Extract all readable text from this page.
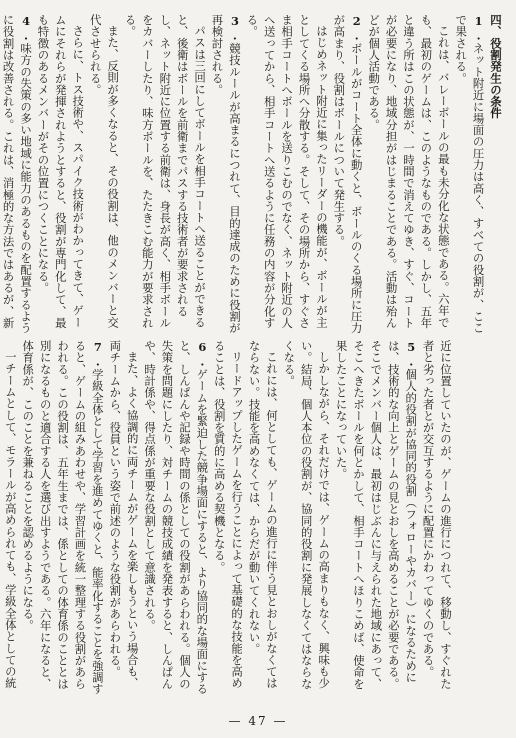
四、役割発生の条件

1.ネット附近に場面の圧力は高く、すべての役割が、ここで果される。

これは、バレーボールの最も未分化な状態である。六年でも、最初のゲームは、このようなものである。しかし、五年と違う所はこの状態が、一時間で消えてゆき、すぐ、コートが必要になり、地域分担がはじまることである。活動は殆んどが個人活動である。

2.ボールがコート全体に動くと、ボールのくる場所に圧力が高まり、役割はボールについて発生する。

はじめネット附近に集ったリーダーの機能が、ボールが主としてくる場所へ分散する。そして、その場所から、すぐさま相手コートへボールを送りこむのでなく、ネット附近の人へ送ってから、相手コートへ送るように任務の内容が分化する。

3.競技ルールが高まるにつれて、目的達成のために役割が再検討される。

パスは三回にしてボールを相手コートへ送ることができると、後衛はボールを前衛までパスする技術者が要求されるし、ネット附近に位置する前衛は、身長が高く、相手ボールをカバーしたり、味方ボールを、たたきこむ能力が要求される。

また、反則が多くなると、その役割は、他のメンバーと交代させられる。

さらに、トス技術や、スパイク技術がわかってきて、ゲームにそれらが発揮されようとすると、役割が専門化して、最も特徴のあるメンバーがその位置につくことになる。

4.味方の失策の多い地域に能力のあるものを配置するように役割は改善される。これは、消極的な方法ではあるが、新

近に位置していたのが、ゲームの進行につれて、移動し、すぐれた者と劣った者とが交互するように配置にかわってゆくのである。

5.個人的役割が協同的役割（フォローやカバー）になるためには、技術的な向上とゲームの見とおしを高めることが必要である。そこでメンバー個人は、最初はじぶんに与えられた地域にあって、そこへきたボールを何とかして、相手コートへほりこめば、使命を果したことになっていた。

しかしながら、それだけでは、ゲームの高まりもなく、興味も少い。結局、個人本位の役割が、協同的役割に発展しなくてはならなくなる。

これには、何としても、ゲームの進行に伴う見とおしがなくてはならない。技能を高めなくては、からだが動いてくれない。

リードアップしたゲームを行うことによって基礎的な技能を高めることは、役割を質的に高める契機となる。

6.ゲームを緊迫した競争場面にすると、より協同的な場面にすると、しんぱんや記録や時間の係としての役割があらわれる。個人の失策を問題にしたり、対チームの競技成績を発表すると、しんぱんや、時計係や、得点係が重要な役割として意識される。

また、よく協調的に両チームがゲームを楽しもうという場合も、両チームから、役員という姿で前述のような役割があらわれる。

7.学級全体として学習を進めてゆくと、能率化することを強調すると、ゲームの組みあわせや、学習計画を統一整理する役割があらわれる。この役割は、五年生までは、係としての体育係のこととは別になるものと適合する人を選び出すようである。六年になると、体育係が、このことを兼ねることを認めるようになる。

一チームとして、モラールが高められても、学級全体としての統

— 47 —
